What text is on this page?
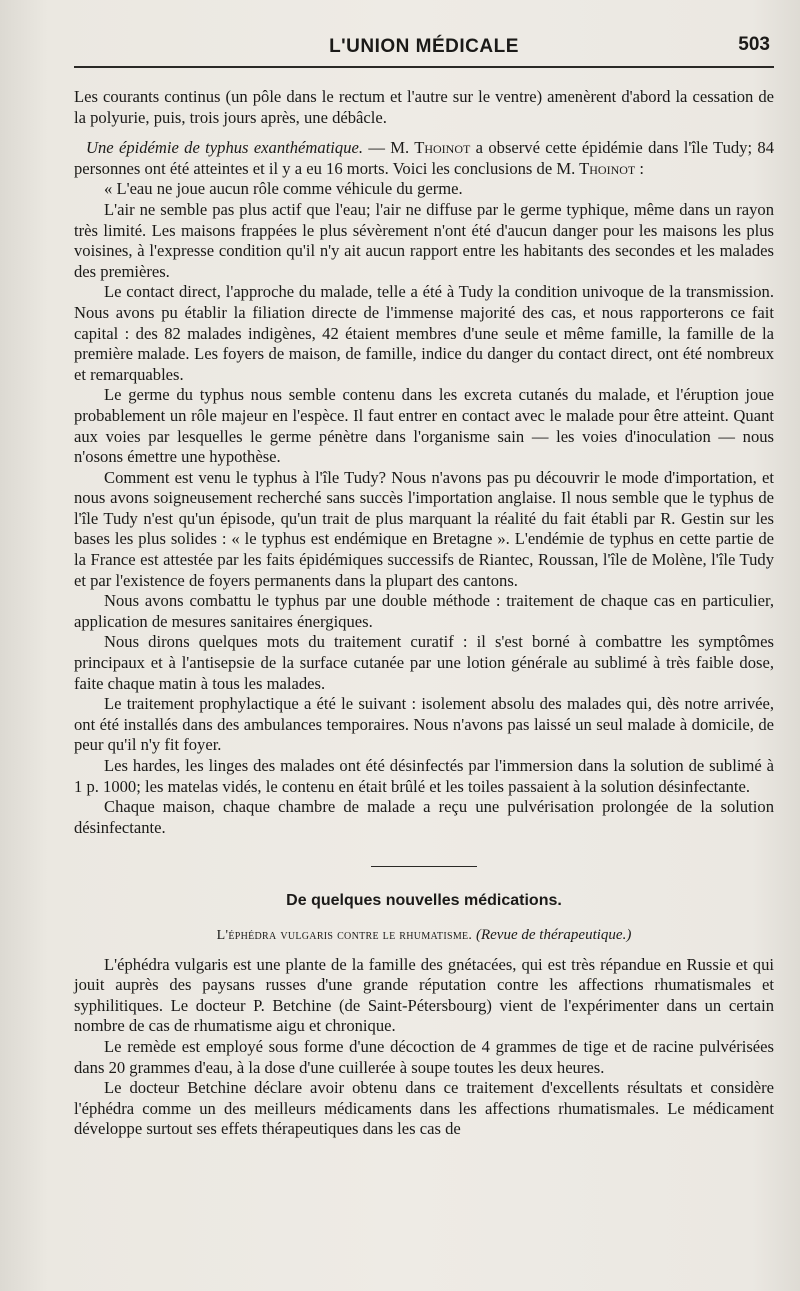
L'UNION MÉDICALE	503

Les courants continus (un pôle dans le rectum et l'autre sur le ventre) amenèrent d'abord la cessation de la polyurie, puis, trois jours après, une débâcle.

Une épidémie de typhus exanthématique. — M. Thoinot a observé cette épidémie dans l'île Tudy; 84 personnes ont été atteintes et il y a eu 16 morts. Voici les conclusions de M. Thoinot :

« L'eau ne joue aucun rôle comme véhicule du germe.

L'air ne semble pas plus actif que l'eau; l'air ne diffuse par le germe typhique, même dans un rayon très limité. Les maisons frappées le plus sévèrement n'ont été d'aucun danger pour les maisons les plus voisines, à l'expresse condition qu'il n'y ait aucun rapport entre les habitants des secondes et les malades des premières.

Le contact direct, l'approche du malade, telle a été à Tudy la condition univoque de la transmission. Nous avons pu établir la filiation directe de l'immense majorité des cas, et nous rapporterons ce fait capital : des 82 malades indigènes, 42 étaient membres d'une seule et même famille, la famille de la première malade. Les foyers de maison, de famille, indice du danger du contact direct, ont été nombreux et remarquables.

Le germe du typhus nous semble contenu dans les excreta cutanés du malade, et l'éruption joue probablement un rôle majeur en l'espèce. Il faut entrer en contact avec le malade pour être atteint. Quant aux voies par lesquelles le germe pénètre dans l'organisme sain — les voies d'inoculation — nous n'osons émettre une hypothèse.

Comment est venu le typhus à l'île Tudy? Nous n'avons pas pu découvrir le mode d'importation, et nous avons soigneusement recherché sans succès l'importation anglaise. Il nous semble que le typhus de l'île Tudy n'est qu'un épisode, qu'un trait de plus marquant la réalité du fait établi par R. Gestin sur les bases les plus solides : « le typhus est endémique en Bretagne ». L'endémie de typhus en cette partie de la France est attestée par les faits épidémiques successifs de Riantec, Roussan, l'île de Molène, l'île Tudy et par l'existence de foyers permanents dans la plupart des cantons.

Nous avons combattu le typhus par une double méthode : traitement de chaque cas en particulier, application de mesures sanitaires énergiques.

Nous dirons quelques mots du traitement curatif : il s'est borné à combattre les symptômes principaux et à l'antisepsie de la surface cutanée par une lotion générale au sublimé à très faible dose, faite chaque matin à tous les malades.

Le traitement prophylactique a été le suivant : isolement absolu des malades qui, dès notre arrivée, ont été installés dans des ambulances temporaires. Nous n'avons pas laissé un seul malade à domicile, de peur qu'il n'y fit foyer.

Les hardes, les linges des malades ont été désinfectés par l'immersion dans la solution de sublimé à 1 p. 1000; les matelas vidés, le contenu en était brûlé et les toiles passaient à la solution désinfectante.

Chaque maison, chaque chambre de malade a reçu une pulvérisation prolongée de la solution désinfectante.

De quelques nouvelles médications.

L'éphédra vulgaris contre le rhumatisme. (Revue de thérapeutique.)

L'éphédra vulgaris est une plante de la famille des gnétacées, qui est très répandue en Russie et qui jouit auprès des paysans russes d'une grande réputation contre les affections rhumatismales et syphilitiques. Le docteur P. Betchine (de Saint-Pétersbourg) vient de l'expérimenter dans un certain nombre de cas de rhumatisme aigu et chronique.

Le remède est employé sous forme d'une décoction de 4 grammes de tige et de racine pulvérisées dans 20 grammes d'eau, à la dose d'une cuillerée à soupe toutes les deux heures.

Le docteur Betchine déclare avoir obtenu dans ce traitement d'excellents résultats et considère l'éphédra comme un des meilleurs médicaments dans les affections rhumatismales. Le médicament développe surtout ses effets thérapeutiques dans les cas de
